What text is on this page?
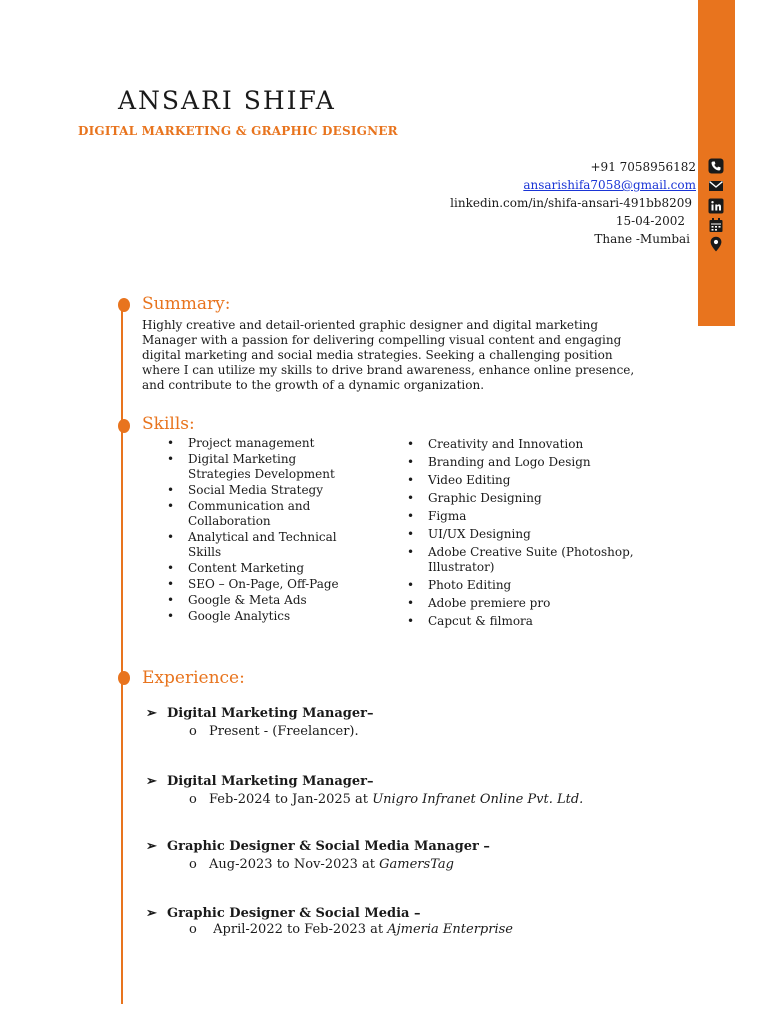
ANSARI SHIFA
DIGITAL MARKETING & GRAPHIC DESIGNER
+91 7058956182
ansarishifa7058@gmail.com
linkedin.com/in/shifa-ansari-491bb8209
15-04-2002
Thane -Mumbai
Summary:
Highly creative and detail-oriented graphic designer and digital marketing Manager with a passion for delivering compelling visual content and engaging digital marketing and social media strategies. Seeking a challenging position where I can utilize my skills to drive brand awareness, enhance online presence, and contribute to the growth of a dynamic organization.
Skills:
• Project management
• Digital Marketing Strategies Development
• Social Media Strategy
• Communication and Collaboration
• Analytical and Technical Skills
• Content Marketing
• SEO – On-Page, Off-Page
• Google & Meta Ads
• Google Analytics
• Creativity and Innovation
• Branding and Logo Design
• Video Editing
• Graphic Designing
• Figma
• UI/UX Designing
• Adobe Creative Suite (Photoshop, Illustrator)
• Photo Editing
• Adobe premiere pro
• Capcut & filmora
Experience:
➢ Digital Marketing Manager–
o Present - (Freelancer).
➢ Digital Marketing Manager–
o Feb-2024 to Jan-2025 at Unigro Infranet Online Pvt. Ltd.
➢ Graphic Designer & Social Media Manager –
o Aug-2023 to Nov-2023 at GamersTag
➢ Graphic Designer & Social Media –
o April-2022 to Feb-2023 at Ajmeria Enterprise
